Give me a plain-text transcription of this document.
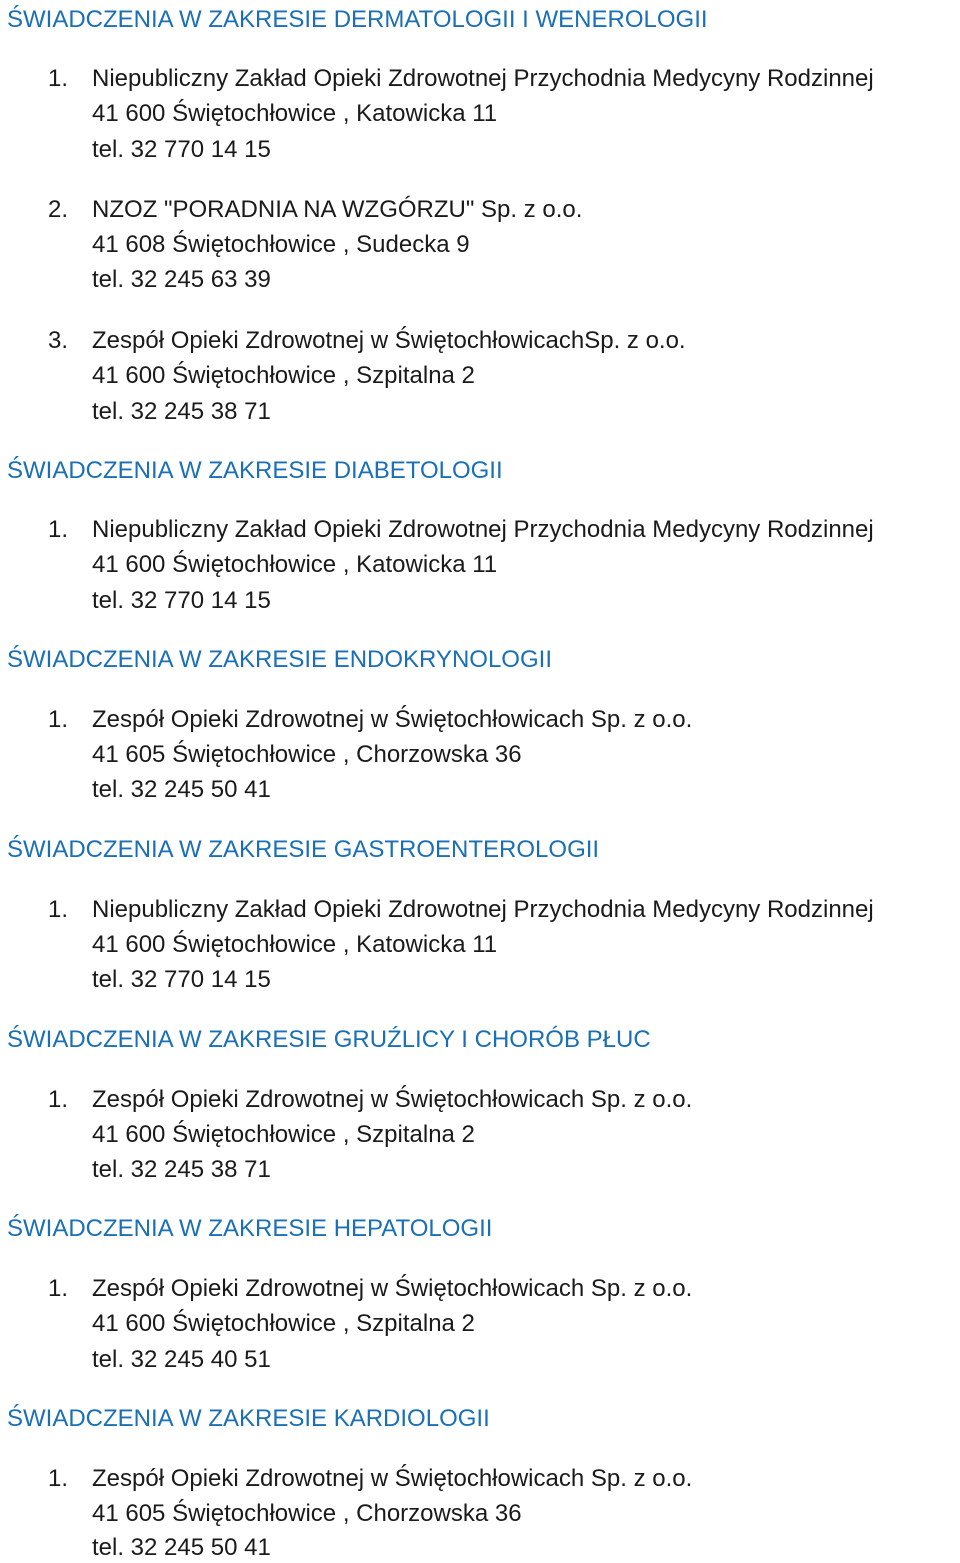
ŚWIADCZENIA W ZAKRESIE DERMATOLOGII I WENEROLOGII
1. Niepubliczny Zakład Opieki Zdrowotnej Przychodnia Medycyny Rodzinnej
41 600 Świętochłowice , Katowicka 11
tel. 32 770 14 15
2. NZOZ "PORADNIA NA WZGÓRZU" Sp. z o.o.
41 608 Świętochłowice , Sudecka 9
tel. 32 245 63 39
3. Zespół Opieki Zdrowotnej w ŚwiętochłowicachSp. z o.o.
41 600 Świętochłowice , Szpitalna 2
tel. 32 245 38 71
ŚWIADCZENIA W ZAKRESIE DIABETOLOGII
1. Niepubliczny Zakład Opieki Zdrowotnej Przychodnia Medycyny Rodzinnej
41 600 Świętochłowice , Katowicka 11
tel. 32 770 14 15
ŚWIADCZENIA W ZAKRESIE ENDOKRYNOLOGII
1. Zespół Opieki Zdrowotnej w Świętochłowicach Sp. z o.o.
41 605 Świętochłowice , Chorzowska 36
tel. 32 245 50 41
ŚWIADCZENIA W ZAKRESIE GASTROENTEROLOGII
1. Niepubliczny Zakład Opieki Zdrowotnej Przychodnia Medycyny Rodzinnej
41 600 Świętochłowice , Katowicka 11
tel. 32 770 14 15
ŚWIADCZENIA W ZAKRESIE GRUŹLICY I CHORÓB PŁUC
1. Zespół Opieki Zdrowotnej w Świętochłowicach Sp. z o.o.
41 600 Świętochłowice , Szpitalna 2
tel. 32 245 38 71
ŚWIADCZENIA W ZAKRESIE HEPATOLOGII
1. Zespół Opieki Zdrowotnej w Świętochłowicach Sp. z o.o.
41 600 Świętochłowice , Szpitalna 2
tel. 32 245 40 51
ŚWIADCZENIA W ZAKRESIE KARDIOLOGII
1. Zespół Opieki Zdrowotnej w Świętochłowicach Sp. z o.o.
41 605 Świętochłowice , Chorzowska 36
tel. 32 245 50 41
